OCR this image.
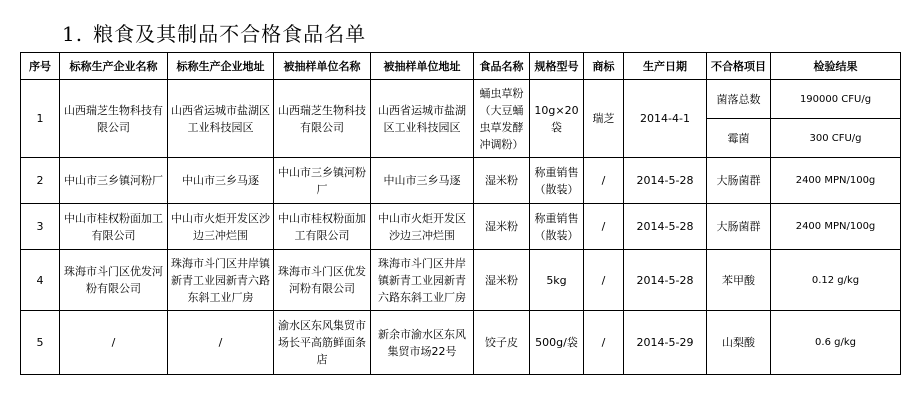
1. 粮食及其制品不合格食品名单
序号	标称生产企业名称	标称生产企业地址	被抽样单位名称	被抽样单位地址	食品名称	规格型号	商标	生产日期	不合格项目	检验结果
1	山西瑞芝生物科技有限公司	山西省运城市盐湖区工业科技园区	山西瑞芝生物科技有限公司	山西省运城市盐湖区工业科技园区	蛹虫草粉（大豆蛹虫草发酵冲调粉）	10g×20袋	瑞芝	2014-4-1	菌落总数	190000 CFU/g
									霉菌	300 CFU/g
2	中山市三乡镇河粉厂	中山市三乡马逐	中山市三乡镇河粉厂	中山市三乡马逐	湿米粉	称重销售（散装）	/	2014-5-28	大肠菌群	2400 MPN/100g
3	中山市桂权粉面加工有限公司	中山市火炬开发区沙边三冲烂围	中山市桂权粉面加工有限公司	中山市火炬开发区沙边三冲烂围	湿米粉	称重销售（散装）	/	2014-5-28	大肠菌群	2400 MPN/100g
4	珠海市斗门区优发河粉有限公司	珠海市斗门区井岸镇新青工业园新青六路东斜工业厂房	珠海市斗门区优发河粉有限公司	珠海市斗门区井岸镇新青工业园新青六路东斜工业厂房	湿米粉	5kg	/	2014-5-28	苯甲酸	0.12 g/kg
5	/	/	渝水区东风集贸市场长平高筋鲜面条店	新余市渝水区东风集贸市场22号	饺子皮	500g/袋	/	2014-5-29	山梨酸	0.6 g/kg
